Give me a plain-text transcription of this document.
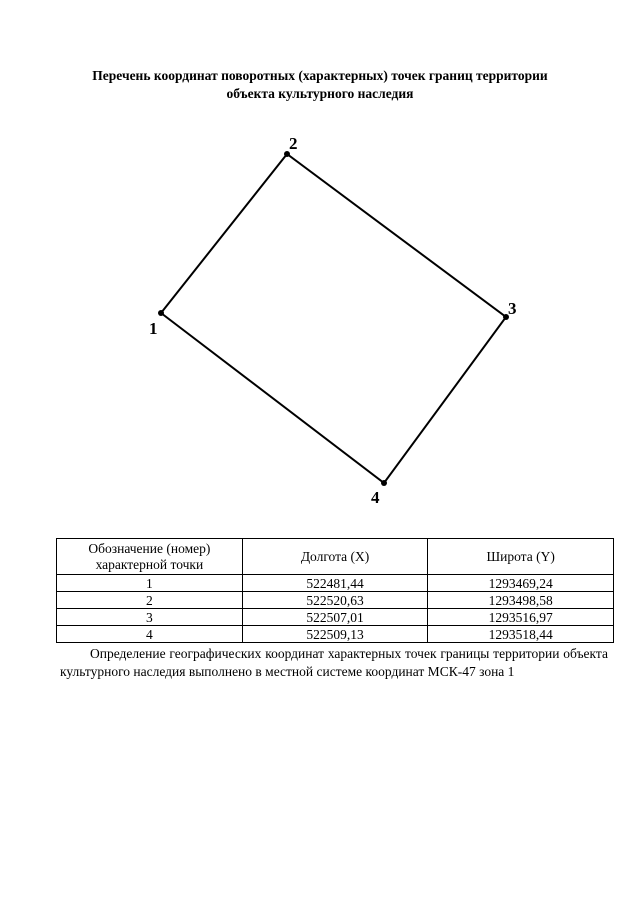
Перечень координат поворотных (характерных) точек границ территории
объекта культурного наследия
1
2
3
4
Обозначение (номер) характерной точки	Долгота (X)	Широта (Y)
1	522481,44	1293469,24
2	522520,63	1293498,58
3	522507,01	1293516,97
4	522509,13	1293518,44

Определение географических координат характерных точек границы территории объекта культурного наследия выполнено в местной системе координат МСК-47 зона 1
